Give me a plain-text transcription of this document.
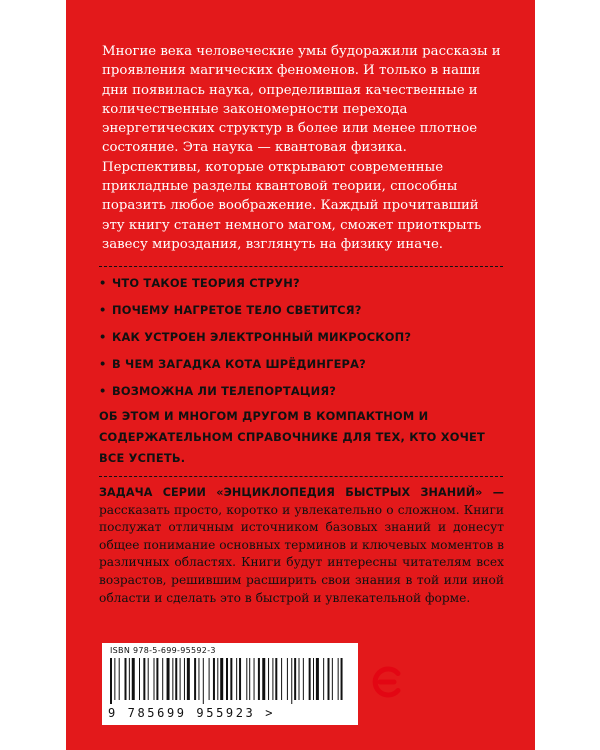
Многие века человеческие умы будоражили рассказы и проявления магических феноменов. И только в наши дни появилась наука, определившая качественные и количественные закономерности перехода энергетических структур в более или менее плотное состояние. Эта наука — квантовая физика. Перспективы, которые открывают современные прикладные разделы квантовой теории, способны поразить любое воображение. Каждый прочитавший эту книгу станет немного магом, сможет приоткрыть завесу мироздания, взглянуть на физику иначе.

• ЧТО ТАКОЕ ТЕОРИЯ СТРУН?
• ПОЧЕМУ НАГРЕТОЕ ТЕЛО СВЕТИТСЯ?
• КАК УСТРОЕН ЭЛЕКТРОННЫЙ МИКРОСКОП?
• В ЧЕМ ЗАГАДКА КОТА ШРЁДИНГЕРА?
• ВОЗМОЖНА ЛИ ТЕЛЕПОРТАЦИЯ?

ОБ ЭТОМ И МНОГОМ ДРУГОМ В КОМПАКТНОМ И СОДЕРЖАТЕЛЬНОМ СПРАВОЧНИКЕ ДЛЯ ТЕХ, КТО ХОЧЕТ ВСЕ УСПЕТЬ.

ЗАДАЧА СЕРИИ «ЭНЦИКЛОПЕДИЯ БЫСТРЫХ ЗНАНИЙ» — рассказать просто, коротко и увлекательно о сложном. Книги послужат отличным источником базовых знаний и донесут общее понимание основных терминов и ключевых моментов в различных областях. Книги будут интересны читателям всех возрастов, решившим расширить свои знания в той или иной области и сделать это в быстрой и увлекательной форме.

ISBN 978-5-699-95592-3
9 785699 955923 >
